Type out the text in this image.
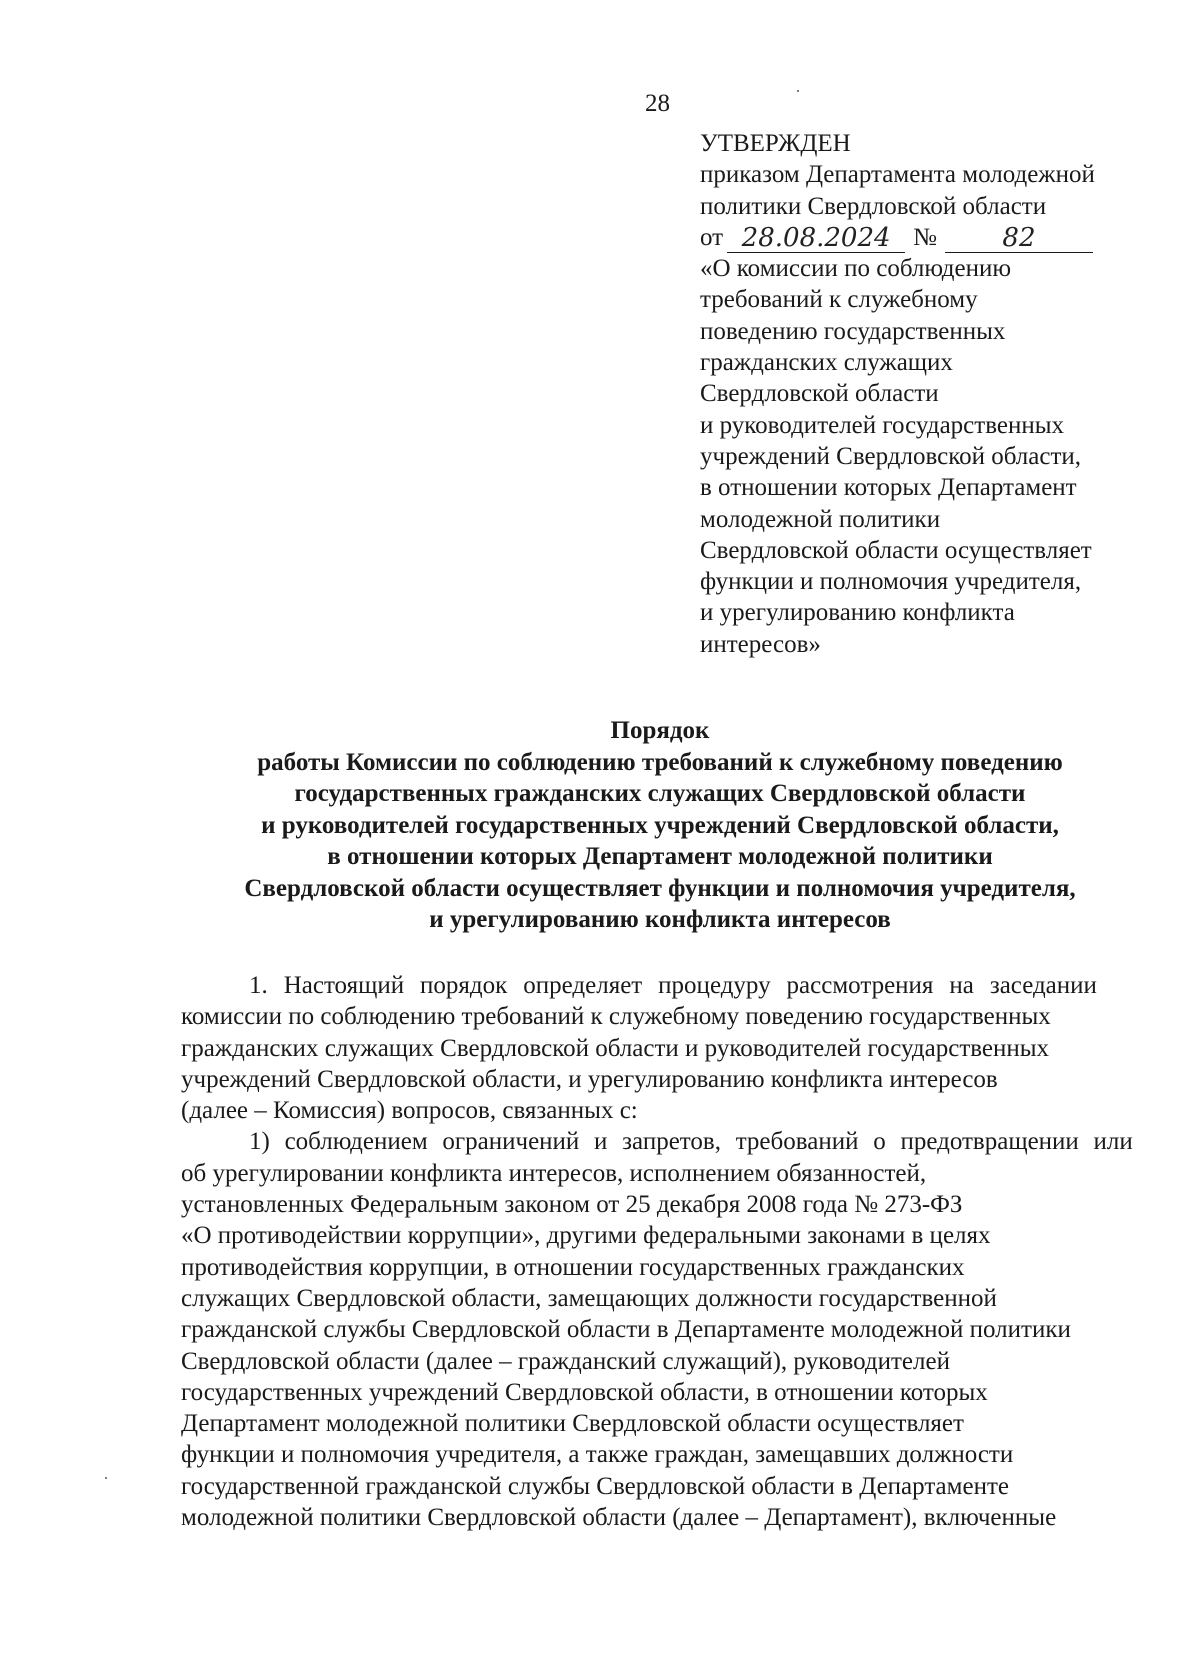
28
УТВЕРЖДЕН
приказом Департамента молодежной
политики Свердловской области
от 28.08.2024 №	82
«О комиссии по соблюдению
требований к служебному
поведению государственных
гражданских служащих
Свердловской области
и руководителей государственных
учреждений Свердловской области,
в отношении которых Департамент
молодежной политики
Свердловской области осуществляет
функции и полномочия учредителя,
и урегулированию конфликта
интересов»
Порядок
работы Комиссии по соблюдению требований к служебному поведению
государственных гражданских служащих Свердловской области
и руководителей государственных учреждений Свердловской области,
в отношении которых Департамент молодежной политики
Свердловской области осуществляет функции и полномочия учредителя,
и урегулированию конфликта интересов
1. Настоящий порядок определяет процедуру рассмотрения на заседании
комиссии по соблюдению требований к служебному поведению государственных
гражданских служащих Свердловской области и руководителей государственных
учреждений Свердловской области, и урегулированию конфликта интересов
(далее – Комиссия) вопросов, связанных с:
1) соблюдением ограничений и запретов, требований о предотвращении или
об урегулировании конфликта интересов, исполнением обязанностей,
установленных Федеральным законом от 25 декабря 2008 года № 273-ФЗ
«О противодействии коррупции», другими федеральными законами в целях
противодействия коррупции, в отношении государственных гражданских
служащих Свердловской области, замещающих должности государственной
гражданской службы Свердловской области в Департаменте молодежной политики
Свердловской области (далее – гражданский служащий), руководителей
государственных учреждений Свердловской области, в отношении которых
Департамент молодежной политики Свердловской области осуществляет
функции и полномочия учредителя, а также граждан, замещавших должности
государственной гражданской службы Свердловской области в Департаменте
молодежной политики Свердловской области (далее – Департамент), включенные
